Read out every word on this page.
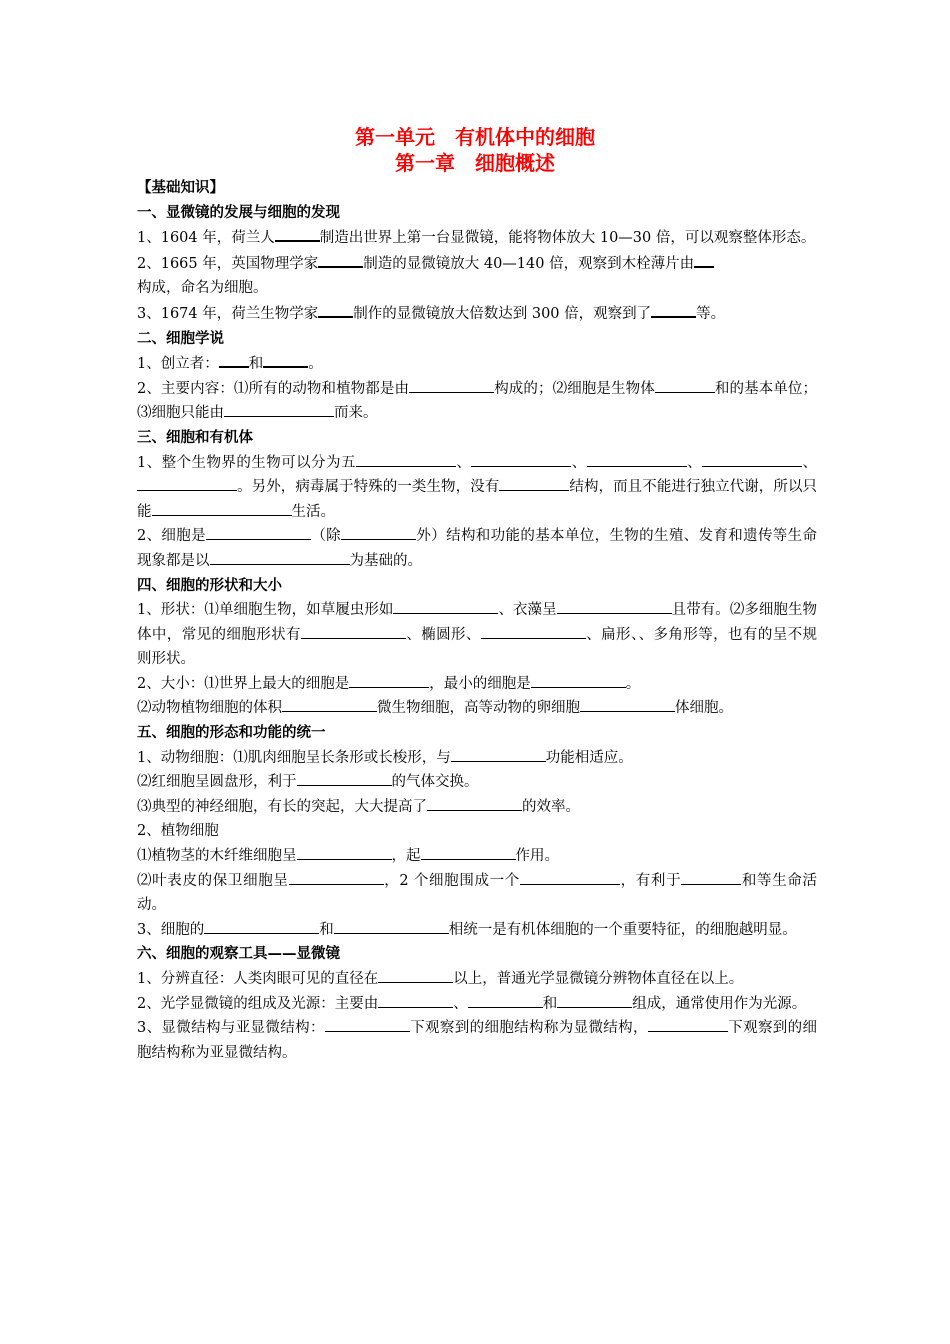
第一单元　有机体中的细胞
第一章　细胞概述
【基础知识】
一、显微镜的发展与细胞的发现
1、1604 年，荷兰人	制造出世界上第一台显微镜，能将物体放大 10—30 倍，可以观察整体形态。
2、1665 年，英国物理学家	制造的显微镜放大 40—140 倍，观察到木栓薄片由
构成，命名为细胞。
3、1674 年，荷兰生物学家 制作的显微镜放大倍数达到 300 倍，观察到了	等。
二、细胞学说
1、创立者： 和	。
2、主要内容：⑴所有的动物和植物都是由	构成的；⑵细胞是生物体	和的基本单位；⑶细胞只能由	而来。
三、细胞和有机体
1、整个生物界的生物可以分为五	、	、	、	、。另外，病毒属于特殊的一类生物，没有	结构，而且不能进行独立代谢，所以只能	生活。
2、细胞是	（除	外）结构和功能的基本单位，生物的生殖、发育和遗传等生命现象都是以	为基础的。
四、细胞的形状和大小
1、形状：⑴单细胞生物，如草履虫形如	、衣藻呈	且带有。⑵多细胞生物体中，常见的细胞形状有	、椭圆形、	、扁形、、多角形等，也有的呈不规则形状。
2、大小：⑴世界上最大的细胞是	，最小的细胞是	。
⑵动物植物细胞的体积	微生物细胞，高等动物的卵细胞	体细胞。
五、细胞的形态和功能的统一
1、动物细胞：⑴肌肉细胞呈长条形或长梭形，与	功能相适应。
⑵红细胞呈圆盘形，利于	的气体交换。
⑶典型的神经细胞，有长的突起，大大提高了	的效率。
2、植物细胞
⑴植物茎的木纤维细胞呈	，起	作用。
⑵叶表皮的保卫细胞呈	，2 个细胞围成一个	，有利于	和等生命活动。
3、细胞的	和	相统一是有机体细胞的一个重要特征，的细胞越明显。
六、细胞的观察工具——显微镜
1、分辨直径：人类肉眼可见的直径在	以上，普通光学显微镜分辨物体直径在以上。
2、光学显微镜的组成及光源：主要由	、	和	组成，通常使用作为光源。
3、显微结构与亚显微结构：	下观察到的细胞结构称为显微结构，	下观察到的细胞结构称为亚显微结构。
